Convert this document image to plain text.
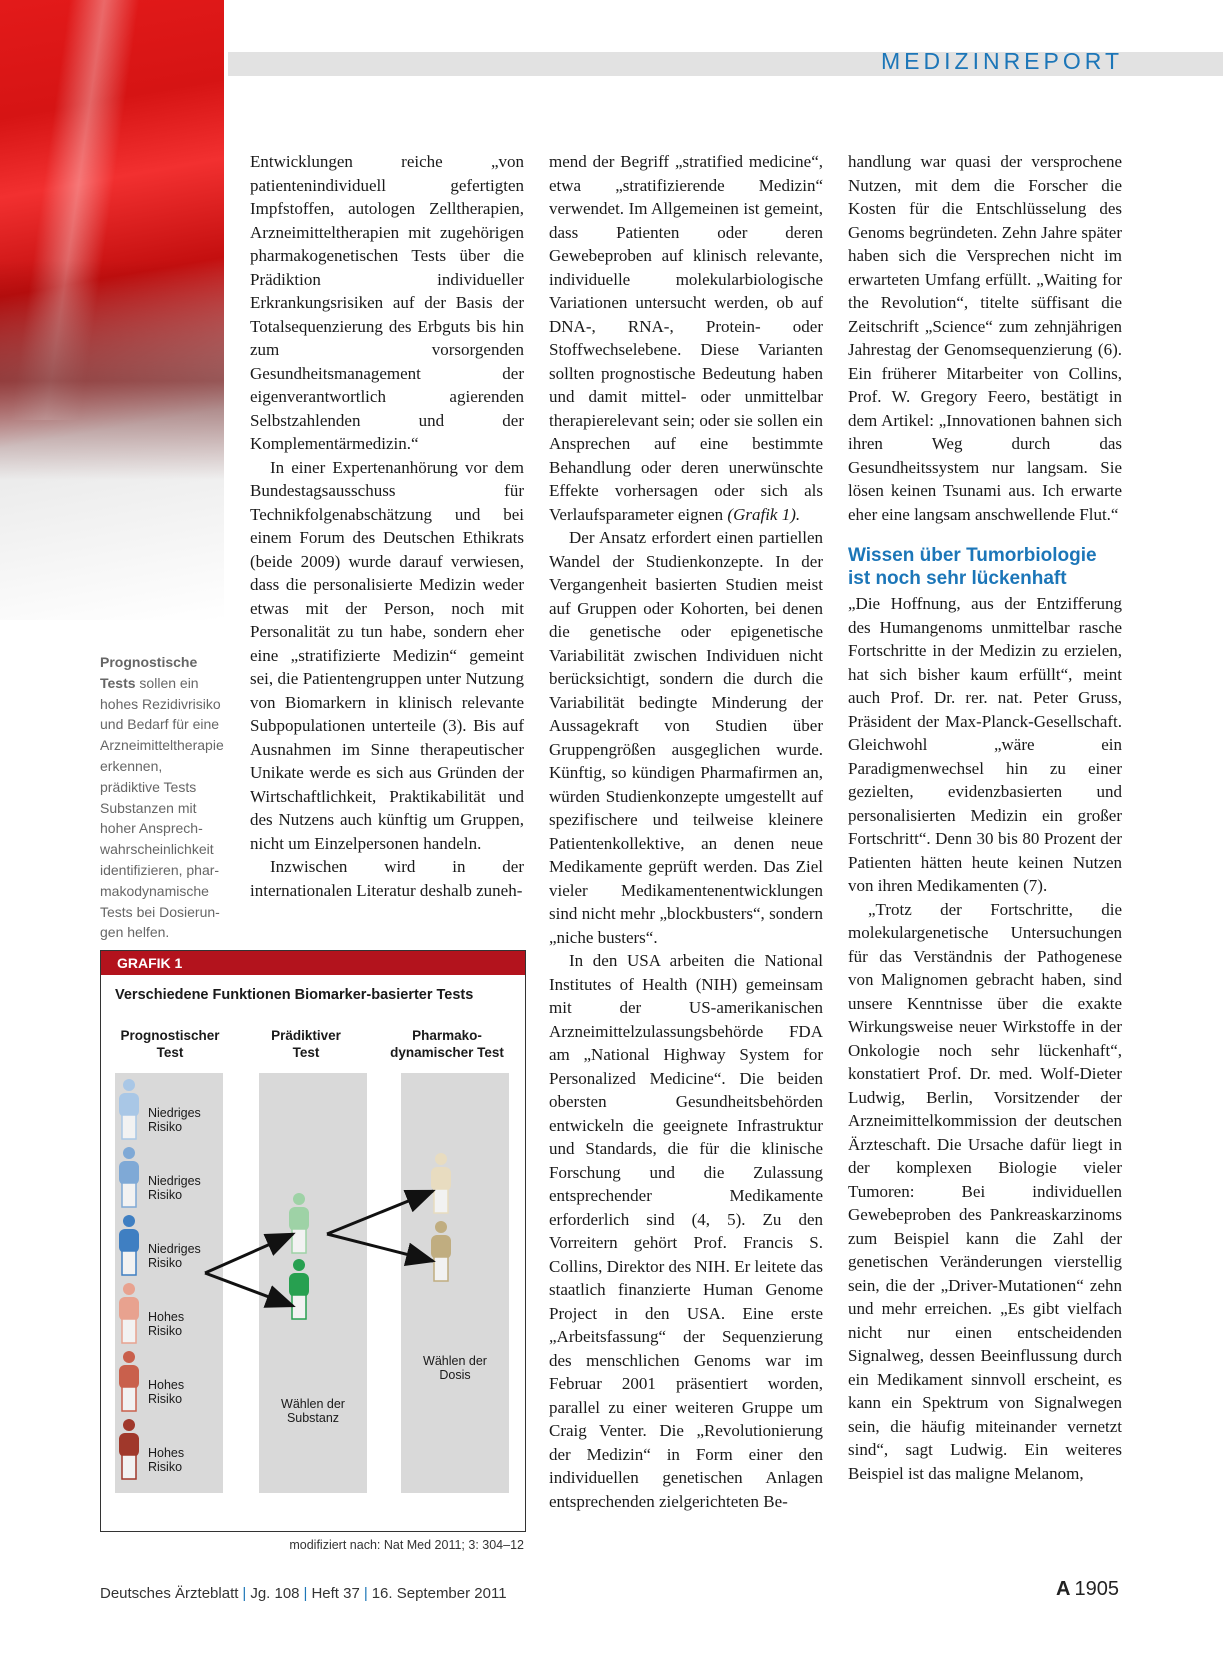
MEDIZINREPORT
Prognostische Tests sollen ein hohes Rezidivrisiko und Bedarf für eine Arzneimitteltherapie erkennen, prädiktive Tests Substanzen mit hoher Ansprechwahrscheinlichkeit identifizieren, pharmakodynamische Tests bei Dosierungen helfen.

Entwicklungen reiche „von patientenindividuell gefertigten Impfstoffen, autologen Zelltherapien, Arzneimitteltherapien mit zugehörigen pharmakogenetischen Tests über die Prädiktion individueller Erkrankungsrisiken auf der Basis der Totalsequenzierung des Erbguts bis hin zum vorsorgenden Gesundheitsmanagement der eigenverantwortlich agierenden Selbstzahlenden und der Komplementärmedizin.“

In einer Expertenanhörung vor dem Bundestagsausschuss für Technikfolgenabschätzung und bei einem Forum des Deutschen Ethikrats (beide 2009) wurde darauf verwiesen, dass die personalisierte Medizin weder etwas mit der Person, noch mit Personalität zu tun habe, sondern eher eine „stratifizierte Medizin“ gemeint sei, die Patientengruppen unter Nutzung von Biomarkern in klinisch relevante Subpopulationen unterteile (3). Bis auf Ausnahmen im Sinne therapeutischer Unikate werde es sich aus Gründen der Wirtschaftlichkeit, Praktikabilität und des Nutzens auch künftig um Gruppen, nicht um Einzelpersonen handeln.

Inzwischen wird in der internationalen Literatur deshalb zuneh-

mend der Begriff „stratified medicine“, etwa „stratifizierende Medizin“ verwendet. Im Allgemeinen ist gemeint, dass Patienten oder deren Gewebeproben auf klinisch relevante, individuelle molekularbiologische Variationen untersucht werden, ob auf DNA-, RNA-, Protein- oder Stoffwechselebene. Diese Varianten sollten prognostische Bedeutung haben und damit mittel- oder unmittelbar therapierelevant sein; oder sie sollen ein Ansprechen auf eine bestimmte Behandlung oder deren unerwünschte Effekte vorhersagen oder sich als Verlaufsparameter eignen (Grafik 1).

Der Ansatz erfordert einen partiellen Wandel der Studienkonzepte. In der Vergangenheit basierten Studien meist auf Gruppen oder Kohorten, bei denen die genetische oder epigenetische Variabilität zwischen Individuen nicht berücksichtigt, sondern die durch die Variabilität bedingte Minderung der Aussagekraft von Studien über Gruppengrößen ausgeglichen wurde. Künftig, so kündigen Pharmafirmen an, würden Studienkonzepte umgestellt auf spezifischere und teilweise kleinere Patientenkollektive, an denen neue Medikamente geprüft werden. Das Ziel vieler Medikamentenentwicklungen sind nicht mehr „blockbusters“, sondern „niche busters“.

In den USA arbeiten die National Institutes of Health (NIH) gemeinsam mit der US-amerikanischen Arzneimittelzulassungsbehörde FDA am „National Highway System for Personalized Medicine“. Die beiden obersten Gesundheitsbehörden entwickeln die geeignete Infrastruktur und Standards, die für die klinische Forschung und die Zulassung entsprechender Medikamente erforderlich sind (4, 5). Zu den Vorreitern gehört Prof. Francis S. Collins, Direktor des NIH. Er leitete das staatlich finanzierte Human Genome Project in den USA. Eine erste „Arbeitsfassung“ der Sequenzierung des menschlichen Genoms war im Februar 2001 präsentiert worden, parallel zu einer weiteren Gruppe um Craig Venter. Die „Revolutionierung der Medizin“ in Form einer den individuellen genetischen Anlagen entsprechenden zielgerichteten Be-

handlung war quasi der versprochene Nutzen, mit dem die Forscher die Kosten für die Entschlüsselung des Genoms begründeten. Zehn Jahre später haben sich die Versprechen nicht im erwarteten Umfang erfüllt. „Waiting for the Revolution“, titelte süffisant die Zeitschrift „Science“ zum zehnjährigen Jahrestag der Genomsequenzierung (6). Ein früherer Mitarbeiter von Collins, Prof. W. Gregory Feero, bestätigt in dem Artikel: „Innovationen bahnen sich ihren Weg durch das Gesundheitssystem nur langsam. Sie lösen keinen Tsunami aus. Ich erwarte eher eine langsam anschwellende Flut.“

Wissen über Tumorbiologie ist noch sehr lückenhaft

„Die Hoffnung, aus der Entzifferung des Humangenoms unmittelbar rasche Fortschritte in der Medizin zu erzielen, hat sich bisher kaum erfüllt“, meint auch Prof. Dr. rer. nat. Peter Gruss, Präsident der Max-Planck-Gesellschaft. Gleichwohl „wäre ein Paradigmenwechsel hin zu einer gezielten, evidenzbasierten und personalisierten Medizin ein großer Fortschritt“. Denn 30 bis 80 Prozent der Patienten hätten heute keinen Nutzen von ihren Medikamenten (7).

„Trotz der Fortschritte, die molekulargenetische Untersuchungen für das Verständnis der Pathogenese von Malignomen gebracht haben, sind unsere Kenntnisse über die exakte Wirkungsweise neuer Wirkstoffe in der Onkologie noch sehr lückenhaft“, konstatiert Prof. Dr. med. Wolf-Dieter Ludwig, Berlin, Vorsitzender der Arzneimittelkommission der deutschen Ärzteschaft. Die Ursache dafür liegt in der komplexen Biologie vieler Tumoren: Bei individuellen Gewebeproben des Pankreaskarzinoms zum Beispiel kann die Zahl der genetischen Veränderungen vierstellig sein, die der „Driver-Mutationen“ zehn und mehr erreichen. „Es gibt vielfach nicht nur einen entscheidenden Signalweg, dessen Beeinflussung durch ein Medikament sinnvoll erscheint, es kann ein Spektrum von Signalwegen sein, die häufig miteinander vernetzt sind“, sagt Ludwig. Ein weiteres Beispiel ist das maligne Melanom,

GRAFIK 1
Verschiedene Funktionen Biomarker-basierter Tests
Prognostischer
Test
Prädiktiver
Test
Pharmako-
dynamischer Test
Niedriges
Risiko
Niedriges
Risiko
Niedriges
Risiko
Hohes
Risiko
Hohes
Risiko
Hohes
Risiko
Wählen der
Substanz
Wählen der
Dosis
modifiziert nach: Nat Med 2011; 3: 304–12
Deutsches Ärzteblatt | Jg. 108 | Heft 37 | 16. September 2011	A 1905
